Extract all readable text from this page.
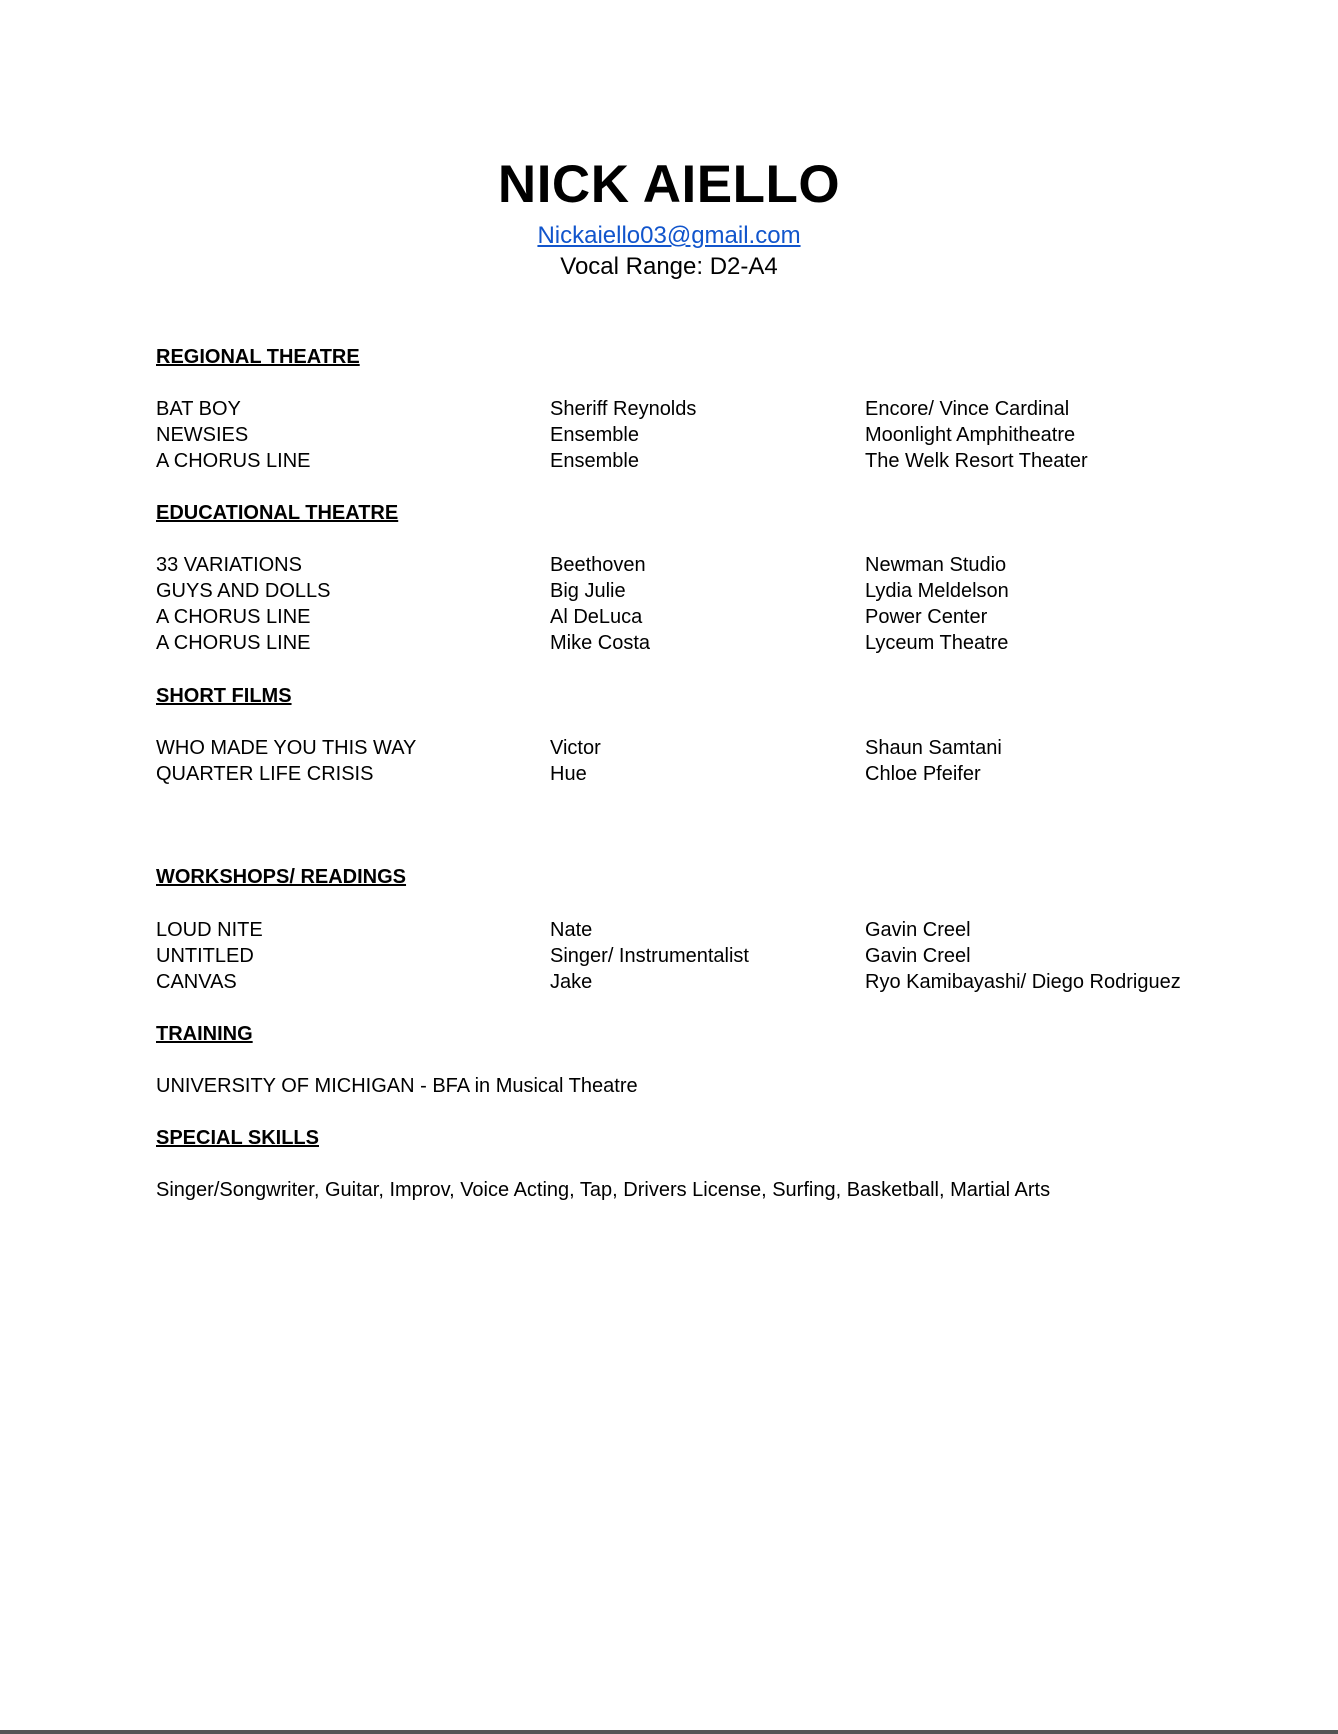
NICK AIELLO
Nickaiello03@gmail.com
Vocal Range: D2-A4
REGIONAL THEATRE
BAT BOY	Sheriff Reynolds	Encore/ Vince Cardinal
NEWSIES	Ensemble	Moonlight Amphitheatre
A CHORUS LINE	Ensemble	The Welk Resort Theater
EDUCATIONAL THEATRE
33 VARIATIONS	Beethoven	Newman Studio
GUYS AND DOLLS	Big Julie	Lydia Meldelson
A CHORUS LINE	Al DeLuca	Power Center
A CHORUS LINE	Mike Costa	Lyceum Theatre
SHORT FILMS
WHO MADE YOU THIS WAY	Victor	Shaun Samtani
QUARTER LIFE CRISIS	Hue	Chloe Pfeifer
WORKSHOPS/ READINGS
LOUD NITE	Nate	Gavin Creel
UNTITLED	Singer/ Instrumentalist	Gavin Creel
CANVAS	Jake	Ryo Kamibayashi/ Diego Rodriguez
TRAINING
UNIVERSITY OF MICHIGAN - BFA in Musical Theatre
SPECIAL SKILLS
Singer/Songwriter, Guitar, Improv, Voice Acting, Tap, Drivers License, Surfing, Basketball, Martial Arts
